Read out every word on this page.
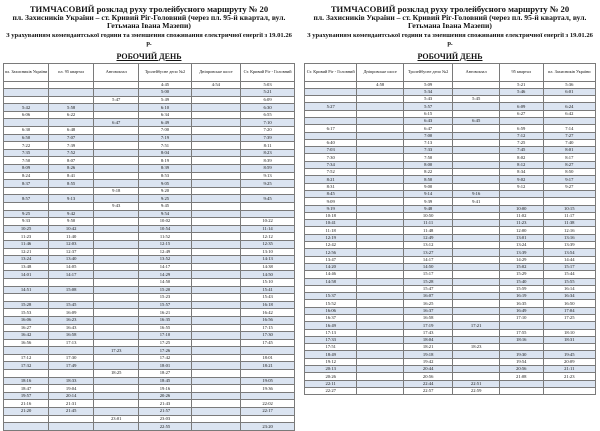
ТИМЧАСОВИЙ розклад руху тролейбусного маршруту № 20
пл. Захисників України – ст. Кривий Ріг-Головний (через пл. 95-й квартал, вул. Гетьмана Івана Мазепи)
З урахуванням комендантської години та зменшення споживання електричної енергії з 19.01.26 р.
РОБОЧИЙ ДЕНЬ
пл. Захисників України	пл. 95 квартал	Автовокзал	Тролейбусне депо №2	Дніпровське шосе	Ст. Кривий Ріг - Головний
			4:45	4:54	5:03
			5:00		5:21
		5:47	5:49		6:09
5:42	5:58		6:10		6:30
6:06	6:22		6:34		6:55
		6:47	6:49		7:10
6:30	6:48		7:00		7:20
6:50	7:07		7:19		7:39
7:22	7:39		7:51		8:11
7:35	7:52		8:04		8:23
7:50	8:07		8:19		8:39
8:09	8:26		8:39		8:59
8:24	8:41		8:53		9:13
8:37	8:55		9:05		9:25
		9:18	9:20		
8:57	9:13		9:25		9:45
		9:43	9:45		
9:25	9:42		9:54		
9:33	9:50		10:02		10:22
10:25	10:42		10:54		11:14
11:23	11:40		11:52		12:12
11:46	12:03		12:15		12:35
12:21	12:37		12:49		13:10
13:24	13:40		13:52		14:13
13:48	14:05		14:17		14:38
14:01	14:17		14:29		14:50
			14:50		15:10
14:51	15:08		15:20		15:41
			15:23		15:43
15:28	15:45		15:57		16:18
15:53	16:09		16:21		16:42
16:06	16:23		16:35		16:56
16:27	16:43		16:55		17:15
16:42	16:58		17:10		17:30
16:56	17:13		17:25		17:45
		17:23	17:26		
17:12	17:30		17:42		18:01
17:32	17:49		18:01		18:21
		18:25	18:27		
18:16	18:33		18:45		19:05
18:47	19:04		19:16		19:36
19:57	20:14		20:26		
21:16	21:31		21:43		22:02
21:20	21:45		21:57		22:17
		23:01	23:03		
			22:55		23:20
ТИМЧАСОВИЙ розклад руху тролейбусного маршруту № 20
пл. Захисників України – ст. Кривий Ріг-Головний (через пл. 95-й квартал, вул. Гетьмана Івана Мазепи)
З урахуванням комендантської години та зменшення споживання електричної енергії з 19.01.26 р.
РОБОЧИЙ ДЕНЬ
Ст. Кривий Ріг - Головний	Дніпровське шосе	Тролейбусне депо №2	Автовокзал	95 квартал	пл. Захисників України
	4:58	5:09		5:21	5:36
		5:34		5:46	6:01
		5:43	5:45		
5:27		5:57		6:09	6:24
		6:15		6:27	6:42
		6:43	6:45		
6:17		6:47		6:59	7:14
		7:00		7:12	7:27
6:40		7:13		7:25	7:40
7:03		7:33		7:45	8:01
7:30		7:50		8:02	8:17
7:34		8:00		8:12	8:27
7:52		8:22		8:34	8:50
8:21		8:50		9:02	9:17
8:31		9:00		9:12	9:27
8:45		9:14	9:16		
9:09		9:39	9:41		
9:19		9:48		10:00	10:15
10:18		10:50		11:02	11:17
10:41		11:11		11:23	11:38
11:18		11:48		12:00	12:16
12:19		12:49		13:01	13:16
12:42		13:12		13:24	13:39
12:56		13:27		13:39	13:54
13:47		14:17		14:29	14:44
14:20		14:50		15:02	15:17
14:46		15:17		15:29	15:44
14:58		15:28		15:40	15:55
		15:47		15:59	16:14
15:37		16:07		16:19	16:34
15:52		16:25		16:35	16:50
16:06		16:37		16:49	17:04
16:37		16:58		17:10	17:25
16:49		17:19	17:21		
17:13		17:43		17:55	18:10
17:33		18:04		18:16	18:31
17:51		18:21	18:23		
18:49		19:18		19:30	19:45
19:12		19:42		19:54	20:09
20:13		20:44		20:56	21:11
20:26		20:56		21:08	21:23
22:11		22:44	22:51		
22:27		22:57	22:59		
